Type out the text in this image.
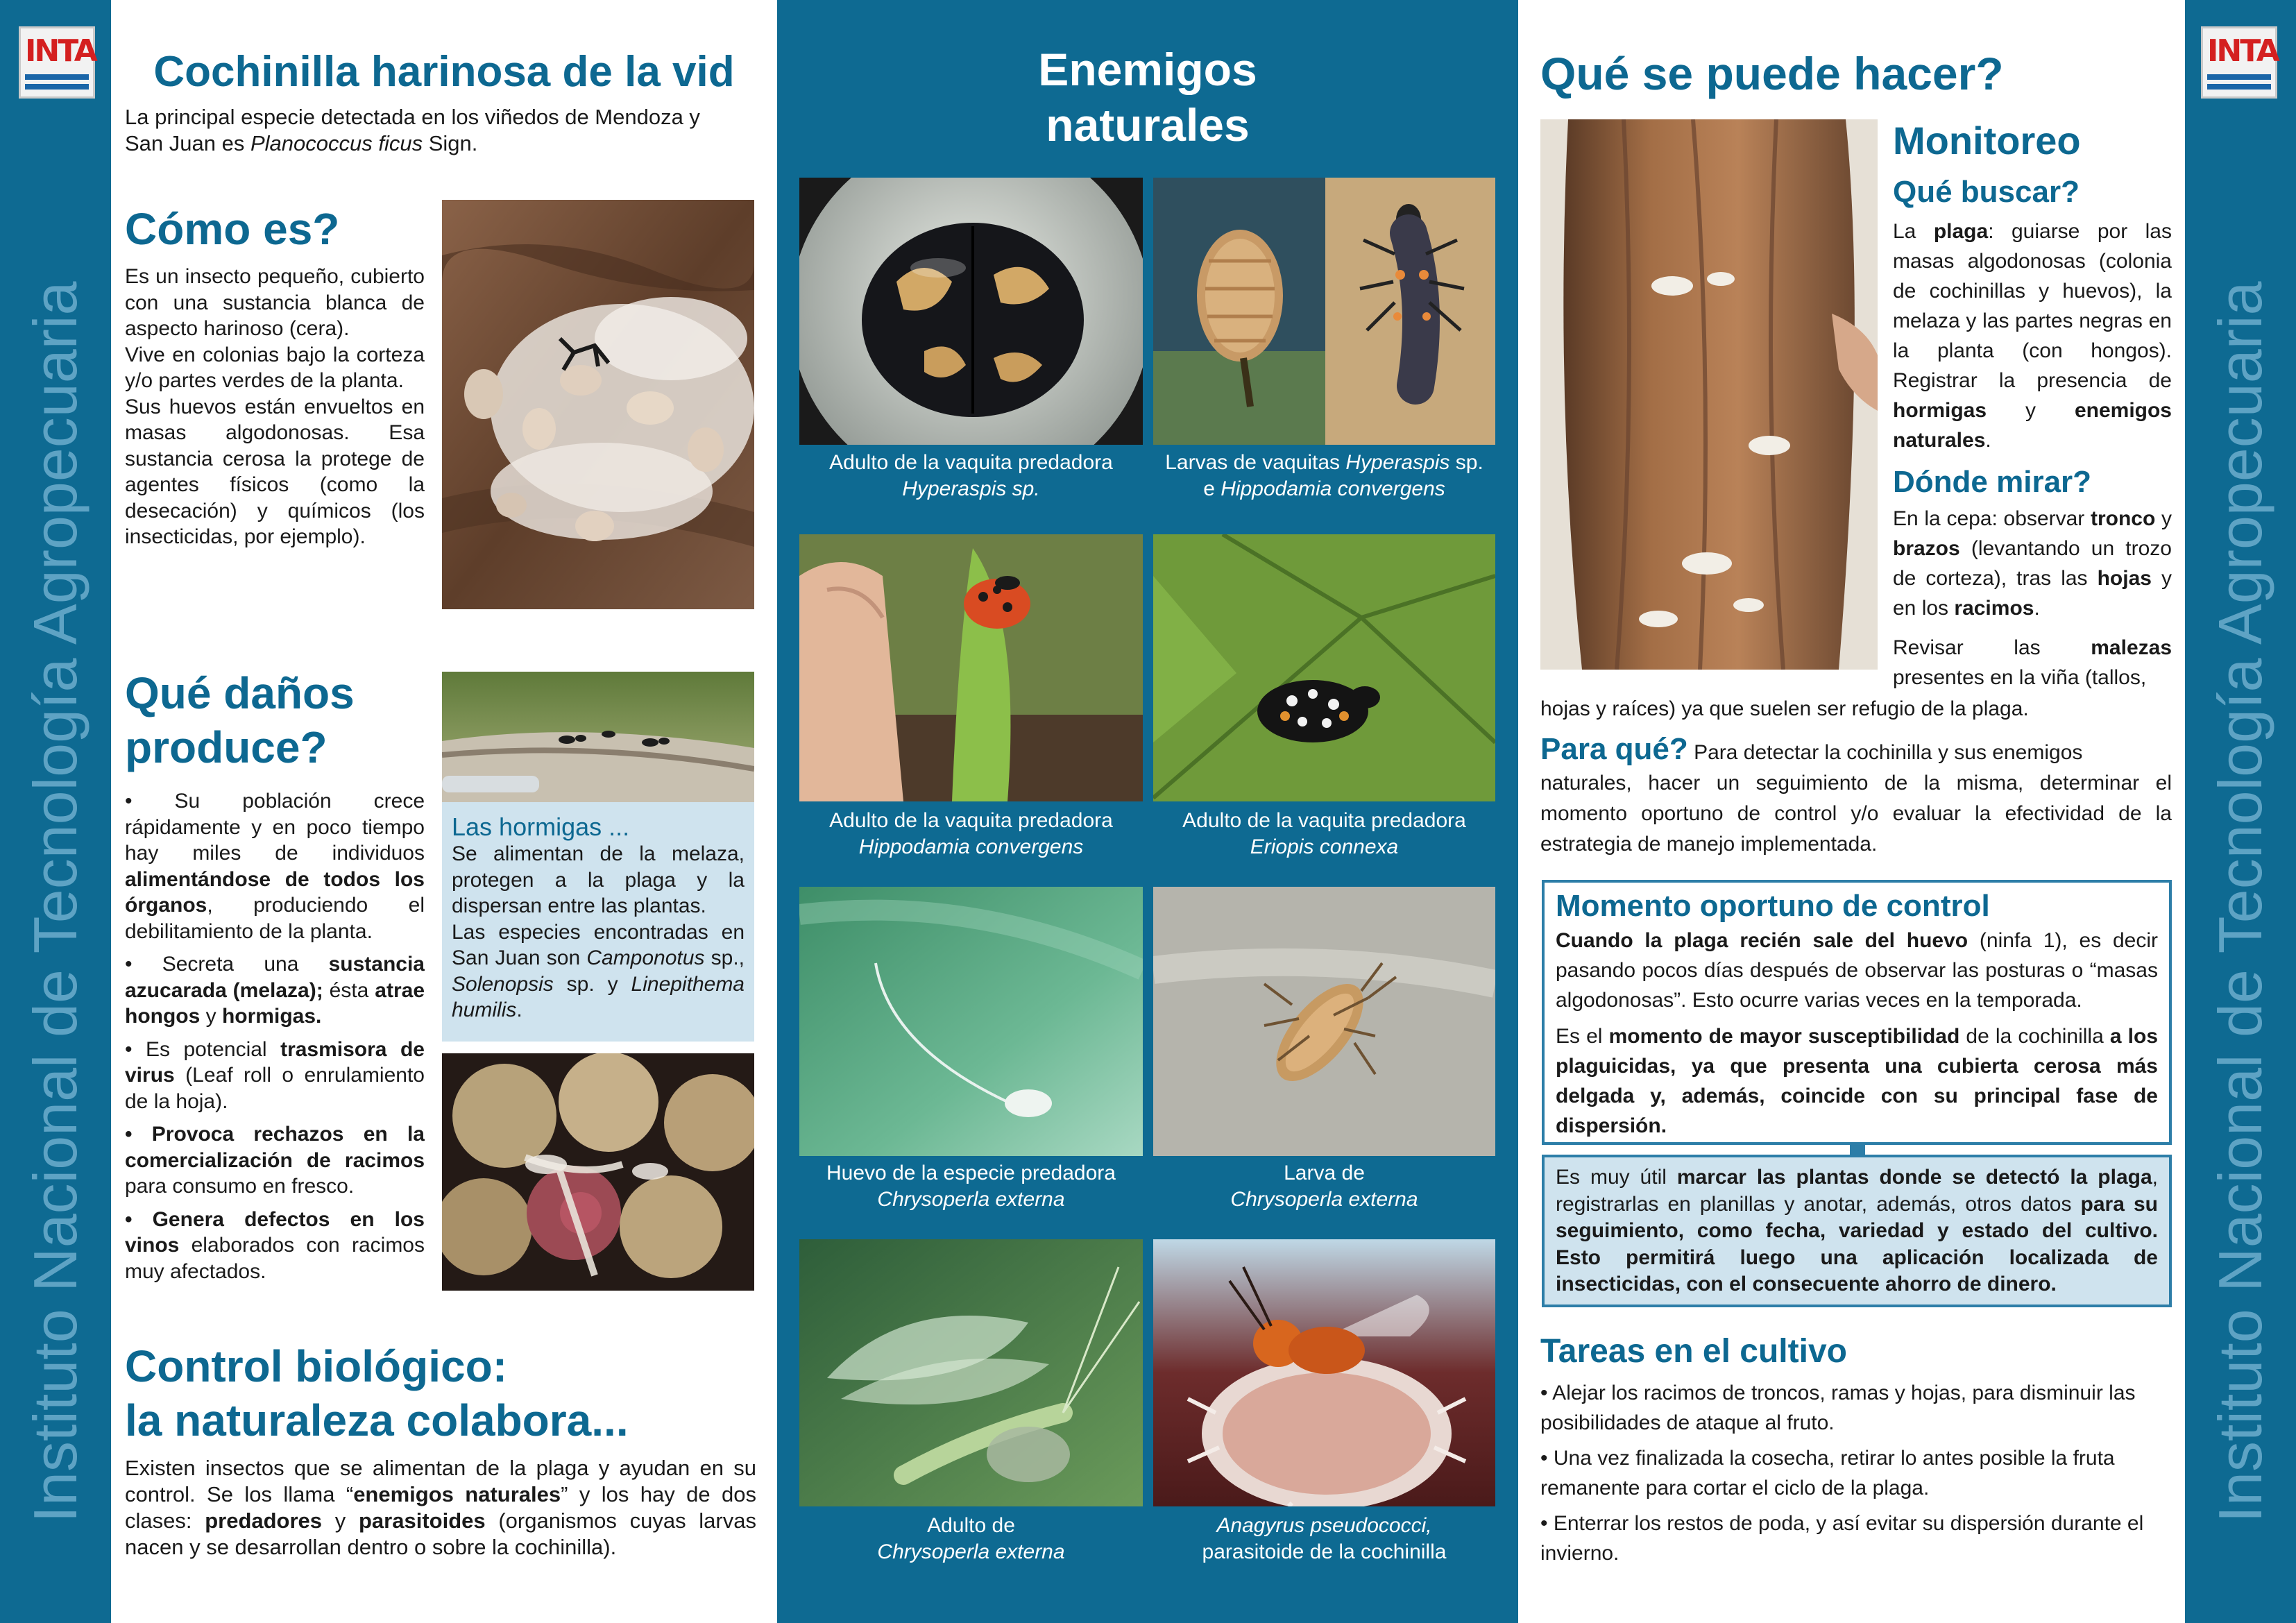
INTA
Instituto Nacional de Tecnología Agropecuaria
INTA
Instituto Nacional de Tecnología Agropecuaria
Cochinilla harinosa de la vid
La principal especie detectada en los viñedos de Mendoza y
San Juan es Planococcus ficus Sign.
Cómo es?
Es un insecto pequeño, cubierto con una sustancia blanca de aspecto harinoso (cera).
Vive en colonias bajo la corteza y/o partes verdes de la planta.
Sus huevos están envueltos en masas algodonosas. Esa sustancia cerosa la protege de agentes físicos (como la desecación) y químicos (los insecticidas, por ejemplo).
Qué daños
produce?
• Su población crece rápidamente y en poco tiempo hay miles de individuos alimentándose de todos los órganos, produciendo el debilitamiento de la planta.
• Secreta una sustancia azucarada (melaza); ésta atrae hongos y hormigas.
• Es potencial trasmisora de virus (Leaf roll o enrulamiento de la hoja).
• Provoca rechazos en la comercialización de racimos para consumo en fresco.
• Genera defectos en los vinos elaborados con racimos muy afectados.
Las hormigas ...
Se alimentan de la melaza, protegen a la plaga y la dispersan entre las plantas.
Las especies encontradas en San Juan son Camponotus sp., Solenopsis sp. y Linepithema humilis.
Control biológico:
la naturaleza colabora...
Existen insectos que se alimentan de la plaga y ayudan en su control. Se los llama “enemigos naturales” y los hay de dos clases: predadores y parasitoides (organismos cuyas larvas nacen y se desarrollan dentro o sobre la cochinilla).
Enemigos
naturales
Adulto de la vaquita predadora
Hyperaspis sp.
Larvas de vaquitas Hyperaspis sp.
e Hippodamia convergens
Adulto de la vaquita predadora
Hippodamia convergens
Adulto de la vaquita predadora
Eriopis connexa
Huevo de la especie predadora
Chrysoperla externa
Larva de
Chrysoperla externa
Adulto de
Chrysoperla externa
Anagyrus pseudococci,
parasitoide de la cochinilla
Qué se puede hacer?
Monitoreo
Qué buscar?
La plaga: guiarse por las masas algodonosas (colonia de cochinillas y huevos), la melaza y las partes negras en la planta (con hongos). Registrar la presencia de hormigas y enemigos naturales.
Dónde mirar?
En la cepa: observar tronco y brazos (levantando un trozo de corteza), tras las hojas y en los racimos.
Revisar las malezas presentes en la viña (tallos,
hojas y raíces) ya que suelen ser refugio de la plaga.
Para qué? Para detectar la cochinilla y sus enemigos
naturales, hacer un seguimiento de la misma, determinar el momento oportuno de control y/o evaluar la efectividad de la estrategia de manejo implementada.
Momento oportuno de control
Cuando la plaga recién sale del huevo (ninfa 1), es decir pasando pocos días después de observar las posturas o “masas algodonosas”. Esto ocurre varias veces en la temporada.
Es el momento de mayor susceptibilidad de la cochinilla a los plaguicidas, ya que presenta una cubierta cerosa más delgada y, además, coincide con su principal fase de dispersión.
Es muy útil marcar las plantas donde se detectó la plaga, registrarlas en planillas y anotar, además, otros datos para su seguimiento, como fecha, variedad y estado del cultivo. Esto permitirá luego una aplicación localizada de insecticidas, con el consecuente ahorro de dinero.
Tareas en el cultivo
• Alejar los racimos de troncos, ramas y hojas, para disminuir las posibilidades de ataque al fruto.
• Una vez finalizada la cosecha, retirar lo antes posible la fruta remanente para cortar el ciclo de la plaga.
• Enterrar los restos de poda, y así evitar su dispersión durante el invierno.
